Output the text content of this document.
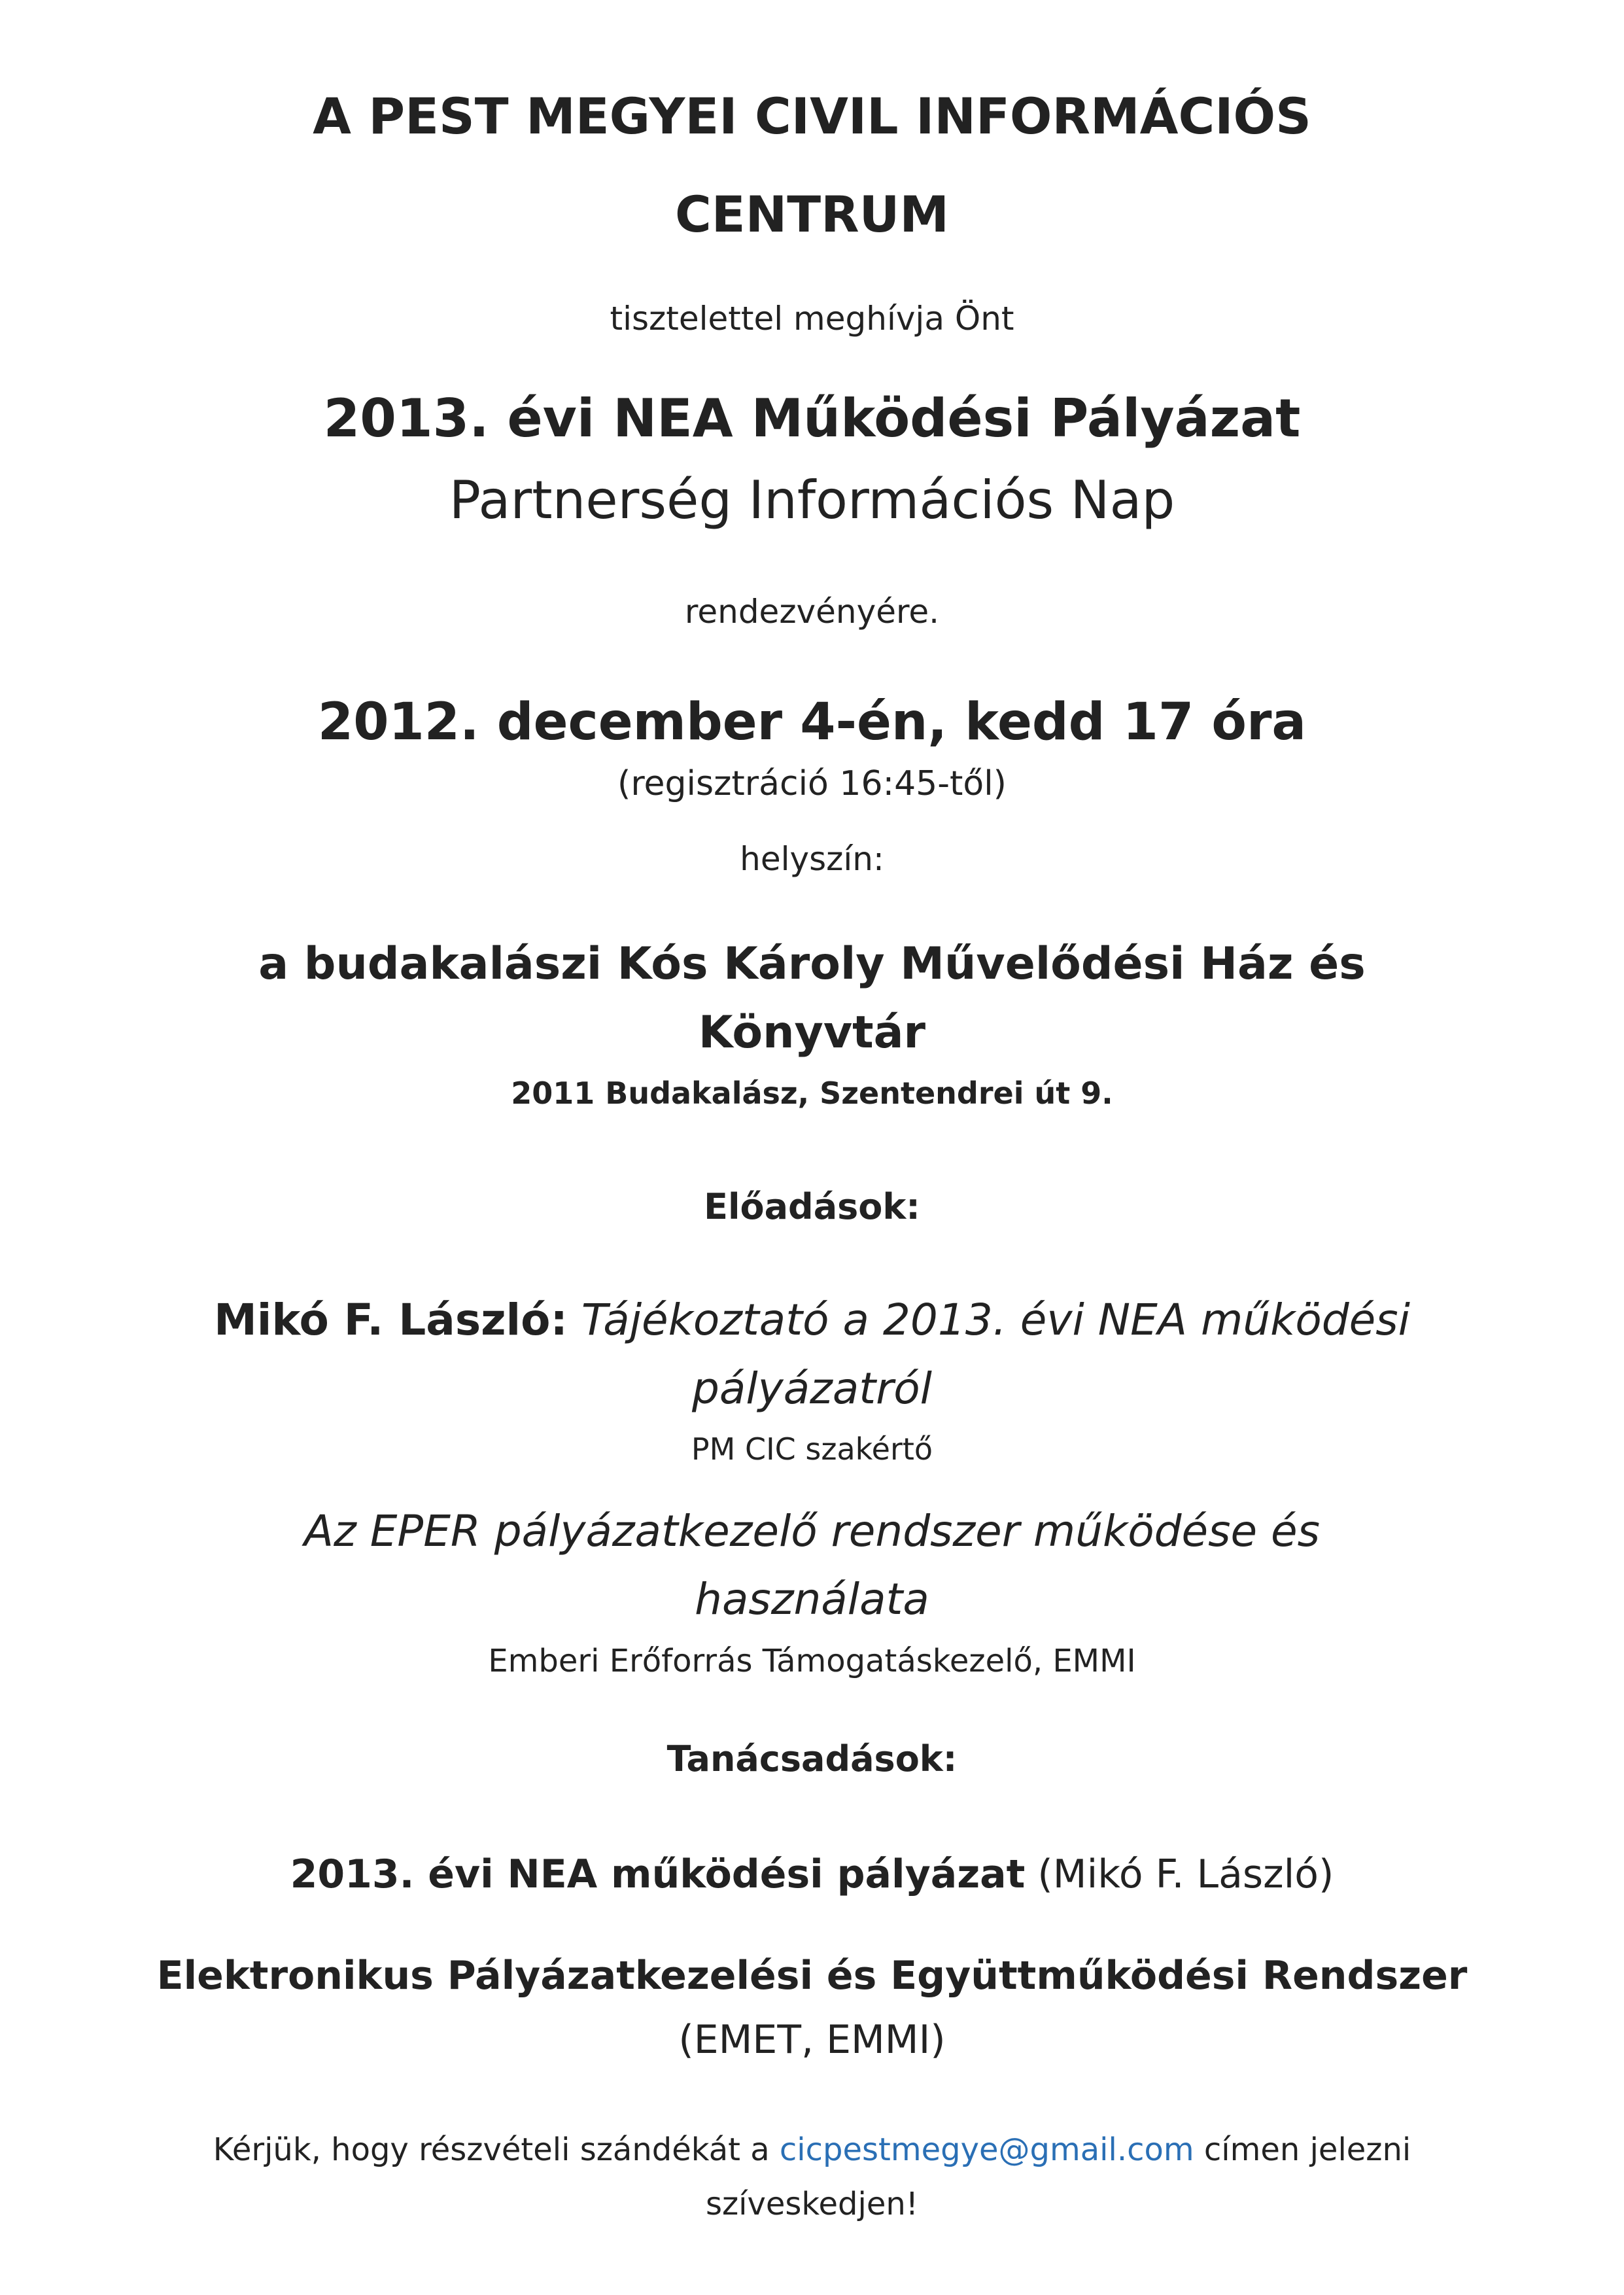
A PEST MEGYEI CIVIL INFORMÁCIÓS
CENTRUM
tisztelettel meghívja Önt
2013. évi NEA Működési Pályázat
Partnerség Információs Nap
rendezvényére.
2012. december 4-én, kedd 17 óra
(regisztráció 16:45-től)
helyszín:
a budakalászi Kós Károly Művelődési Ház és
Könyvtár
2011 Budakalász, Szentendrei út 9.
Előadások:
Mikó F. László: Tájékoztató a 2013. évi NEA működési
pályázatról
PM CIC szakértő
Az EPER pályázatkezelő rendszer működése és
használata
Emberi Erőforrás Támogatáskezelő, EMMI
Tanácsadások:
2013. évi NEA működési pályázat (Mikó F. László)
Elektronikus Pályázatkezelési és Együttműködési Rendszer
(EMET, EMMI)
Kérjük, hogy részvételi szándékát a cicpestmegye@gmail.com címen jelezni
szíveskedjen!
